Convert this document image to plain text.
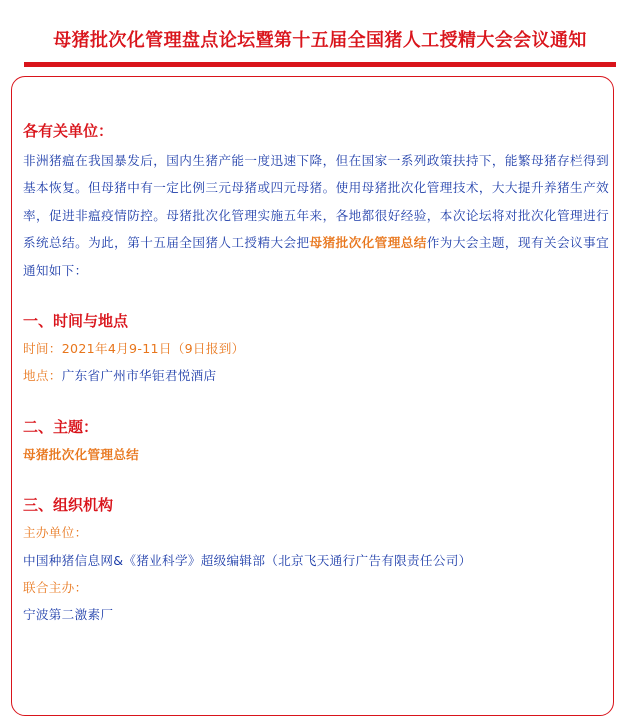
母猪批次化管理盘点论坛暨第十五届全国猪人工授精大会会议通知

各有关单位：

非洲猪瘟在我国暴发后，国内生猪产能一度迅速下降，但在国家一系列政策扶持下，能繁母猪存栏得到基本恢复。但母猪中有一定比例三元母猪或四元母猪。使用母猪批次化管理技术，大大提升养猪生产效率，促进非瘟疫情防控。母猪批次化管理实施五年来，各地都很好经验，本次论坛将对批次化管理进行系统总结。为此，第十五届全国猪人工授精大会把母猪批次化管理总结作为大会主题，现有关会议事宜通知如下：

一、时间与地点

时间：2021年4月9-11日（9日报到）

地点：广东省广州市华钜君悦酒店

二、主题：

母猪批次化管理总结

三、组织机构

主办单位：

中国种猪信息网&《猪业科学》超级编辑部（北京飞天通行广告有限责任公司）

联合主办：

宁波第二激素厂
